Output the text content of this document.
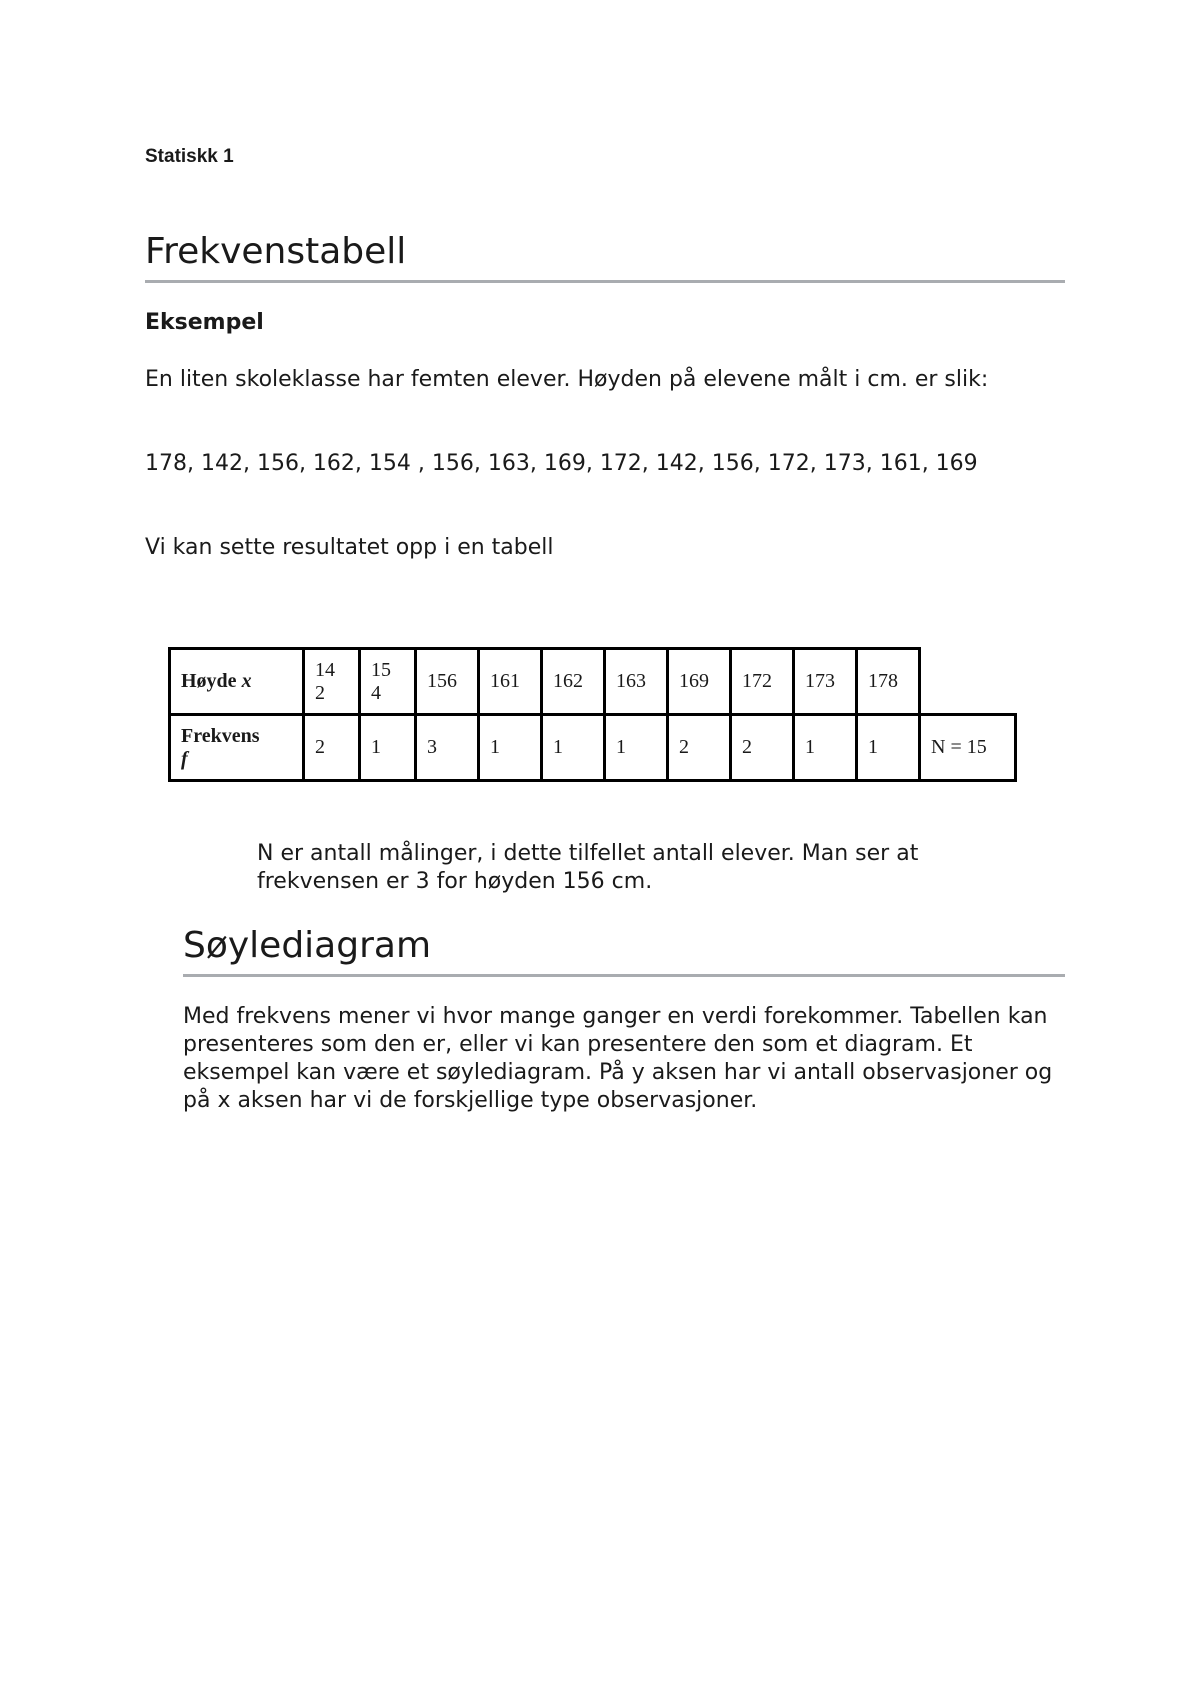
Statiskk 1
Frekvenstabell
Eksempel
En liten skoleklasse har femten elever. Høyden på elevene målt i cm. er slik:
178, 142, 156, 162, 154 , 156, 163, 169, 172, 142, 156, 172, 173, 161, 169
Vi kan sette resultatet opp i en tabell
Høyde x	14 2	15 4	156	161	162	163	169	172	173	178	
Frekvens
f	2	1	3	1	1	1	2	2	1	1	N = 15
N er antall målinger, i dette tilfellet antall elever. Man ser at frekvensen er 3 for høyden 156 cm.
Søylediagram
Med frekvens mener vi hvor mange ganger en verdi forekommer. Tabellen kan presenteres som den er, eller vi kan presentere den som et diagram. Et eksempel kan være et søylediagram. På y aksen har vi antall observasjoner og på x aksen har vi de forskjellige type observasjoner.
